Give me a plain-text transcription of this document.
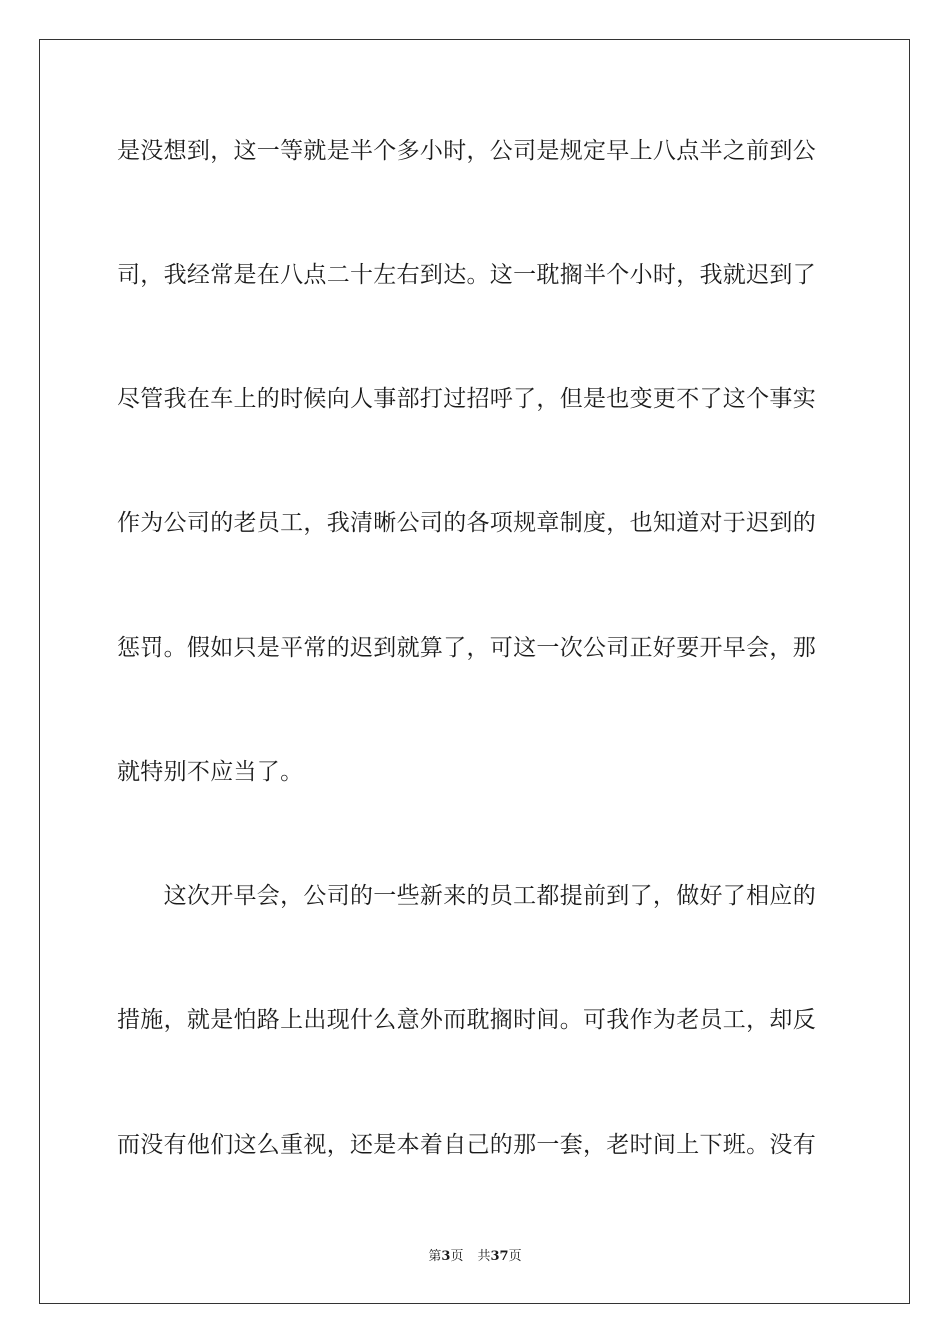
是没想到，这一等就是半个多小时，公司是规定早上八点半之前到公
司，我经常是在八点二十左右到达。这一耽搁半个小时，我就迟到了
尽管我在车上的时候向人事部打过招呼了，但是也变更不了这个事实
作为公司的老员工，我清晰公司的各项规章制度，也知道对于迟到的
惩罚。假如只是平常的迟到就算了，可这一次公司正好要开早会，那
就特别不应当了。
　　这次开早会，公司的一些新来的员工都提前到了，做好了相应的
措施，就是怕路上出现什么意外而耽搁时间。可我作为老员工，却反
而没有他们这么重视，还是本着自己的那一套，老时间上下班。没有
第3页 共37页
